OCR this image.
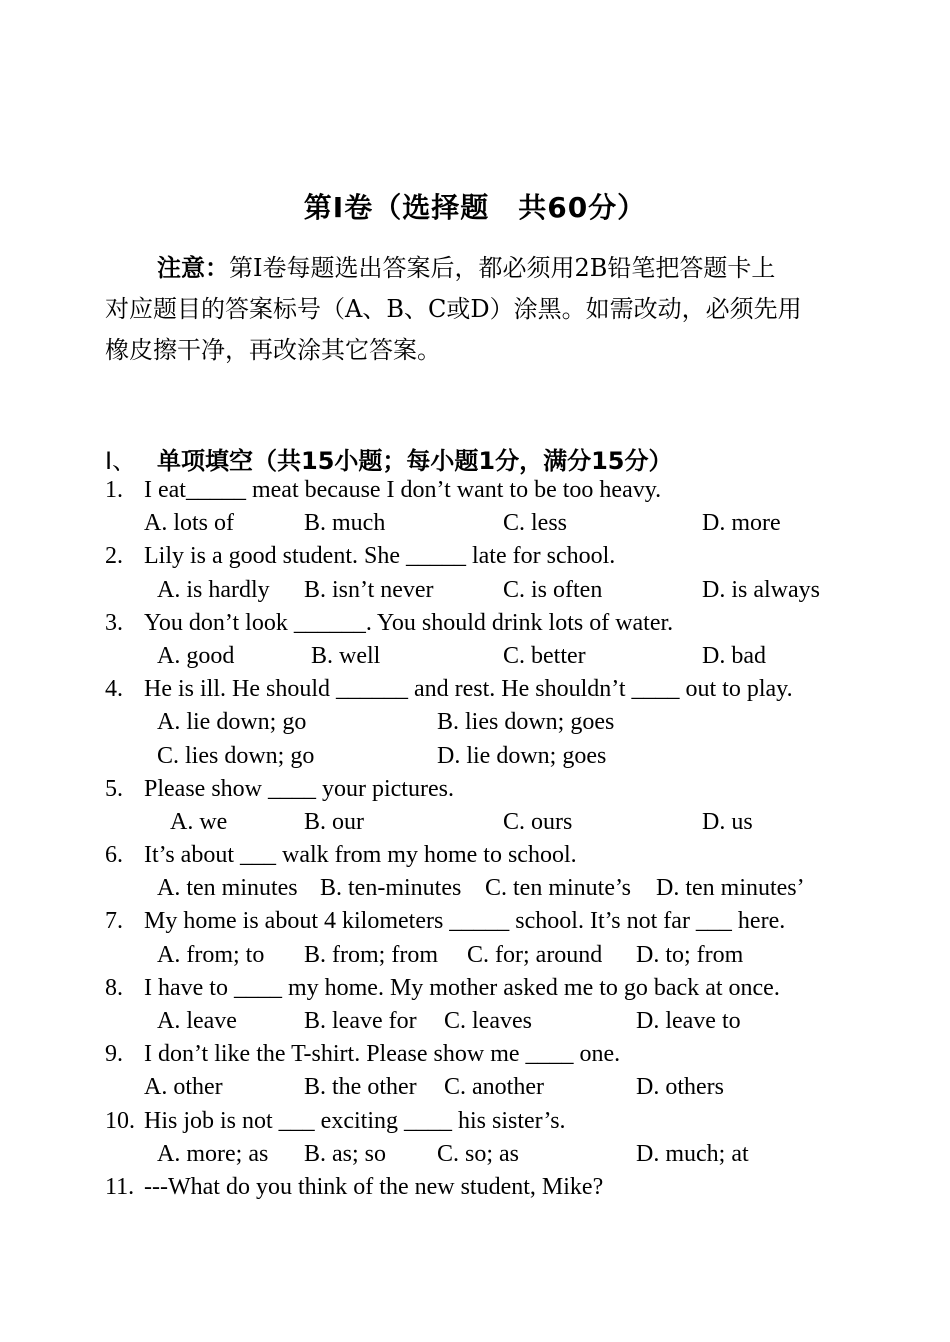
第Ⅰ卷（选择题　共60分）
注意：第Ⅰ卷每题选出答案后，都必须用2B铅笔把答题卡上
对应题目的答案标号（A、B、C或D）涂黑。如需改动，必须先用
橡皮擦干净，再改涂其它答案。
Ⅰ、 单项填空（共15小题；每小题1分，满分15分）

1.

I eat_____ meat because I don’t want to be too heavy.

A. lots of

	B. much

	C. less

	D. more

2.

Lily is a good student. She _____ late for school.

A. is hardly

B. isn’t never

	C. is often

	D. is always

3.

You don’t look ______. You should drink lots of water.

A. good

	B. well

	C. better

	D. bad

4.

He is ill. He should ______ and rest. He shouldn’t ____ out to play.

A. lie down; go

	B. lies down; goes

C. lies down; go

	D. lie down; goes

5.

Please show ____ your pictures.

A. we

	B. our

	C. ours

	D. us

6.

It’s about ___ walk from my home to school.

A. ten minutes

B. ten-minutes

C. ten minute’s

D. ten minutes’

7.

My home is about 4 kilometers _____ school. It’s not far ___ here.

A. from; to

B. from; from

C. for; around

D. to; from

8.

I have to ____ my home. My mother asked me to go back at once.

A. leave

	B. leave for

C. leaves

	D. leave to

9.

I don’t like the T-shirt. Please show me ____ one.

A. other

	B. the other

C. another

	D. others

10.

His job is not ___ exciting ____ his sister’s.

A. more; as

B. as; so

C. so; as

	D. much; at

11.

---What do you think of the new student, Mike?
